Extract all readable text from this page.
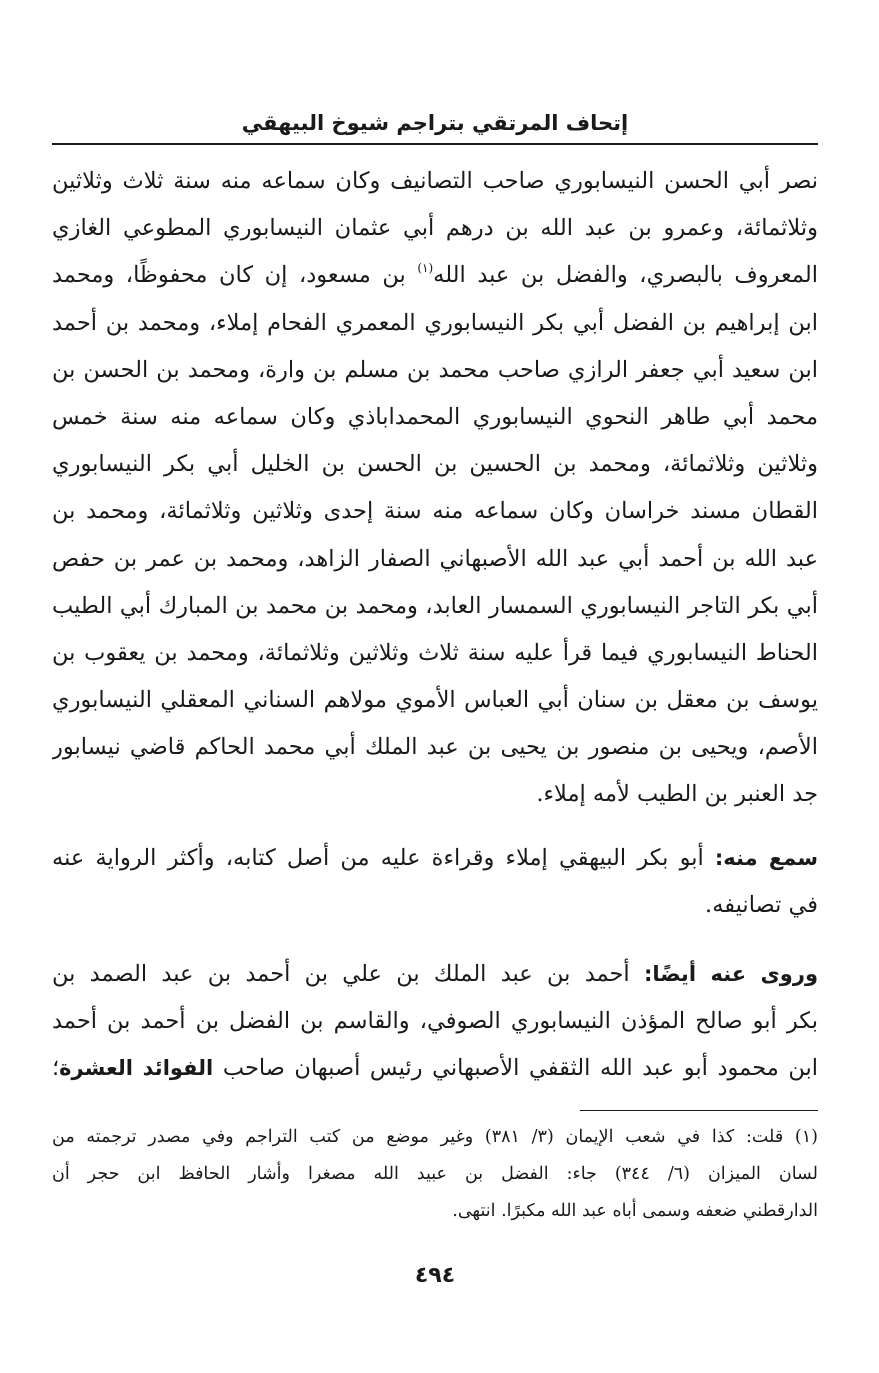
إتحاف المرتقي بتراجم شيوخ البيهقي
نصر أبي الحسن النيسابوري صاحب التصانيف وكان سماعه منه سنة ثلاث وثلاثين
وثلاثمائة، وعمرو بن عبد الله بن درهم أبي عثمان النيسابوري المطوعي الغازي
المعروف بالبصري، والفضل بن عبد الله$^{(١)}$ بن مسعود، إن كان محفوظًا، ومحمد
ابن إبراهيم بن الفضل أبي بكر النيسابوري المعمري الفحام إملاء، ومحمد بن أحمد
ابن سعيد أبي جعفر الرازي صاحب محمد بن مسلم بن وارة، ومحمد بن الحسن بن
محمد أبي طاهر النحوي النيسابوري المحمداباذي وكان سماعه منه سنة خمس
وثلاثين وثلاثمائة، ومحمد بن الحسين بن الحسن بن الخليل أبي بكر النيسابوري
القطان مسند خراسان وكان سماعه منه سنة إحدى وثلاثين وثلاثمائة، ومحمد بن
عبد الله بن أحمد أبي عبد الله الأصبهاني الصفار الزاهد، ومحمد بن عمر بن حفص
أبي بكر التاجر النيسابوري السمسار العابد، ومحمد بن محمد بن المبارك أبي الطيب
الحناط النيسابوري فيما قرأ عليه سنة ثلاث وثلاثين وثلاثمائة، ومحمد بن يعقوب بن
يوسف بن معقل بن سنان أبي العباس الأموي مولاهم السناني المعقلي النيسابوري
الأصم، ويحيى بن منصور بن يحيى بن عبد الملك أبي محمد الحاكم قاضي نيسابور
جد العنبر بن الطيب لأمه إملاء.
سمع منه: أبو بكر البيهقي إملاء وقراءة عليه من أصل كتابه، وأكثر الرواية عنه
في تصانيفه.
وروى عنه أيضًا: أحمد بن عبد الملك بن علي بن أحمد بن عبد الصمد بن
بكر أبو صالح المؤذن النيسابوري الصوفي، والقاسم بن الفضل بن أحمد بن أحمد
ابن محمود أبو عبد الله الثقفي الأصبهاني رئيس أصبهان صاحب الفوائد العشرة؛
(١) قلت: كذا في شعب الإيمان (٣/ ٣٨١) وغير موضع من كتب التراجم وفي مصدر ترجمته من
لسان الميزان (٦/ ٣٤٤) جاء: الفضل بن عبيد الله مصغرا وأشار الحافظ ابن حجر أن
الدارقطني ضعفه وسمى أباه عبد الله مكبرًا. انتهى.
٤٩٤
